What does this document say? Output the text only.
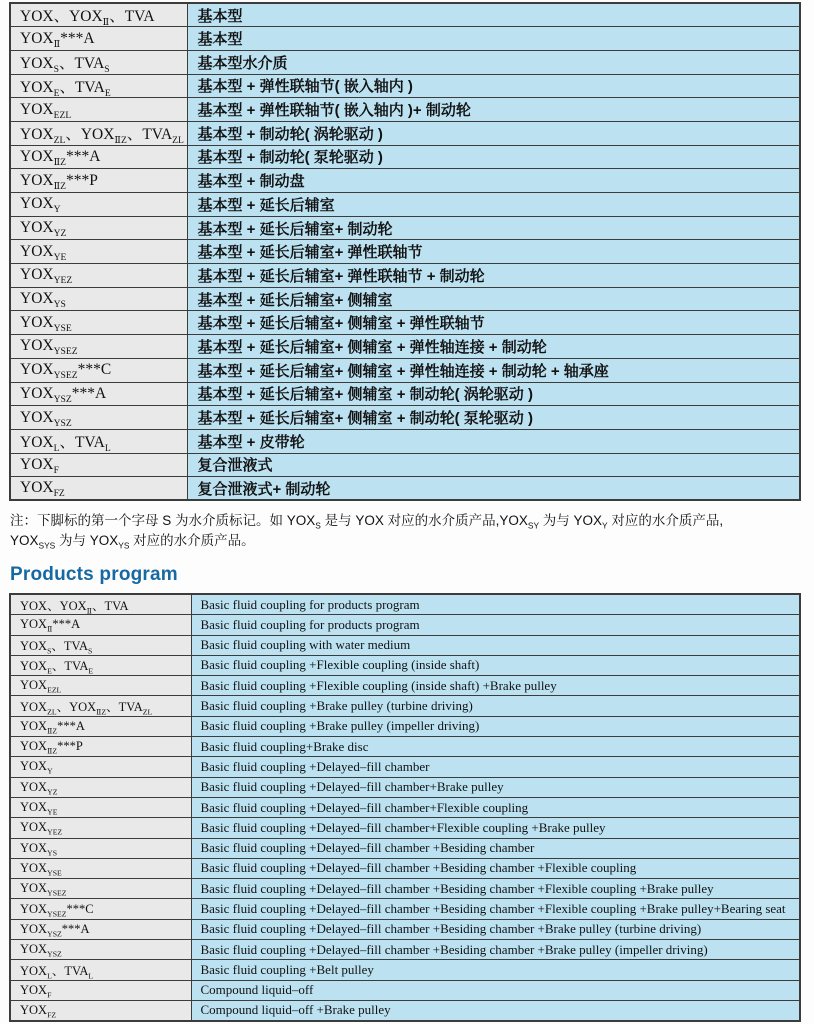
YOX、$YOX_Ⅱ$、TVA	基本型
$YOX_Ⅱ***A$	基本型
$YOX_S$、$TVA_S$	基本型水介质
$YOX_E$、$TVA_E$	基本型 + 弹性联轴节( 嵌入轴内 )
$YOX_{EZL}$	基本型 + 弹性联轴节( 嵌入轴内 )+ 制动轮
$YOX_{ZL}$、$YOX_{ⅡZ}$、$TVA_{ZL}$	基本型 + 制动轮( 涡轮驱动 )
$YOX_{ⅡZ}***A$	基本型 + 制动轮( 泵轮驱动 )
$YOX_{ⅡZ}***P$	基本型 + 制动盘
$YOX_Y$	基本型 + 延长后辅室
$YOX_{YZ}$	基本型 + 延长后辅室+ 制动轮
$YOX_{YE}$	基本型 + 延长后辅室+ 弹性联轴节
$YOX_{YEZ}$	基本型 + 延长后辅室+ 弹性联轴节 + 制动轮
$YOX_{YS}$	基本型 + 延长后辅室+ 侧辅室
$YOX_{YSE}$	基本型 + 延长后辅室+ 侧辅室 + 弹性联轴节
$YOX_{YSEZ}$	基本型 + 延长后辅室+ 侧辅室 + 弹性轴连接 + 制动轮
$YOX_{YSEZ}***C$	基本型 + 延长后辅室+ 侧辅室 + 弹性轴连接 + 制动轮 + 轴承座
$YOX_{YSZ}***A$	基本型 + 延长后辅室+ 侧辅室 + 制动轮( 涡轮驱动 )
$YOX_{YSZ}$	基本型 + 延长后辅室+ 侧辅室 + 制动轮( 泵轮驱动 )
$YOX_L$、$TVA_L$	基本型 + 皮带轮
$YOX_F$	复合泄液式
$YOX_{FZ}$	复合泄液式+ 制动轮
注：下脚标的第一个字母 S 为水介质标记。如 $YOX_S$ 是与 YOX 对应的水介质产品$,YOX_{SY}$ 为与 $YOX_Y$ 对应的水介质产品,
$YOX_{SYS}$ 为与 $YOX_{YS}$ 对应的水介质产品。
Products program
YOX、$YOX_Ⅱ$、TVA	Basic fluid coupling for products program
$YOX_Ⅱ***A$	Basic fluid coupling for products program
$YOX_S$、$TVA_S$	Basic fluid coupling with water medium
$YOX_E$、$TVA_E$	Basic fluid coupling +Flexible coupling (inside shaft)
$YOX_{EZL}$	Basic fluid coupling +Flexible coupling (inside shaft) +Brake pulley
$YOX_{ZL}$、$YOX_{ⅡZ}$、$TVA_{ZL}$	Basic fluid coupling +Brake pulley (turbine driving)
$YOX_{ⅡZ}***A$	Basic fluid coupling +Brake pulley (impeller driving)
$YOX_{ⅡZ}***P$	Basic fluid coupling+Brake disc
$YOX_Y$	Basic fluid coupling +Delayed–fill chamber
$YOX_{YZ}$	Basic fluid coupling +Delayed–fill chamber+Brake pulley
$YOX_{YE}$	Basic fluid coupling +Delayed–fill chamber+Flexible coupling
$YOX_{YEZ}$	Basic fluid coupling +Delayed–fill chamber+Flexible coupling +Brake pulley
$YOX_{YS}$	Basic fluid coupling +Delayed–fill chamber +Besiding chamber
$YOX_{YSE}$	Basic fluid coupling +Delayed–fill chamber +Besiding chamber +Flexible coupling
$YOX_{YSEZ}$	Basic fluid coupling +Delayed–fill chamber +Besiding chamber +Flexible coupling +Brake pulley
$YOX_{YSEZ}***C$	Basic fluid coupling +Delayed–fill chamber +Besiding chamber +Flexible coupling +Brake pulley+Bearing seat
$YOX_{YSZ}***A$	Basic fluid coupling +Delayed–fill chamber +Besiding chamber +Brake pulley (turbine driving)
$YOX_{YSZ}$	Basic fluid coupling +Delayed–fill chamber +Besiding chamber +Brake pulley (impeller driving)
$YOX_L$、$TVA_L$	Basic fluid coupling +Belt pulley
$YOX_F$	Compound liquid–off
$YOX_{FZ}$	Compound liquid–off +Brake pulley
